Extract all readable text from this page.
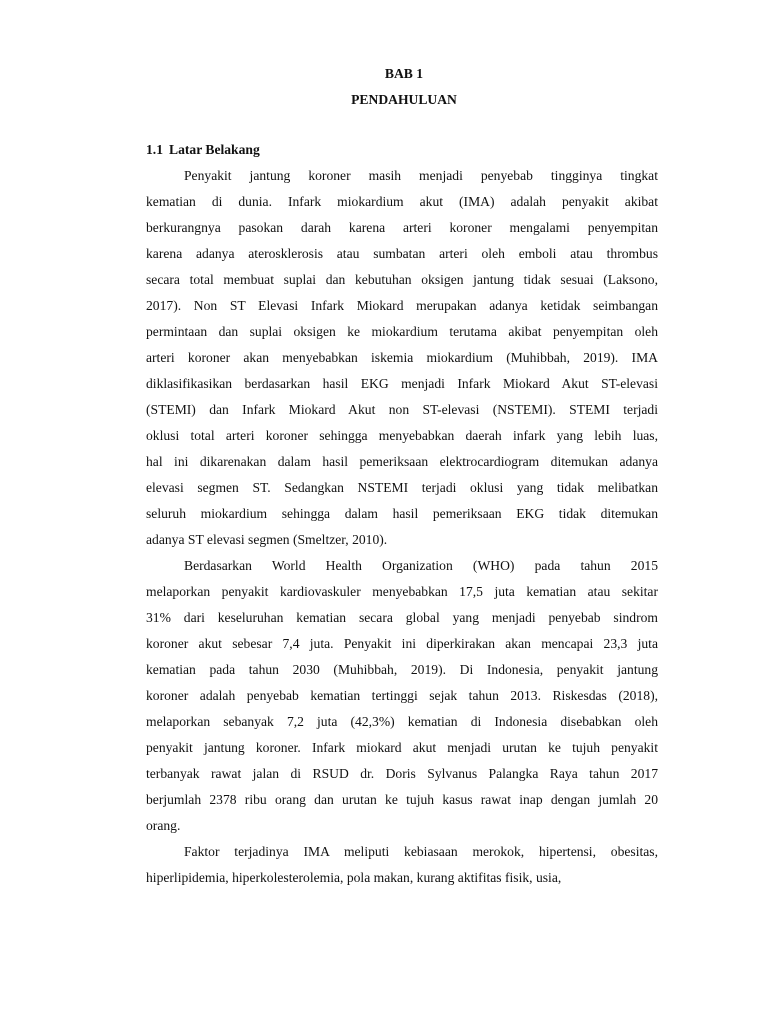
BAB 1

PENDAHULUAN

1.1 Latar Belakang

Penyakit jantung koroner masih menjadi penyebab tingginya tingkat

kematian di dunia. Infark miokardium akut (IMA) adalah penyakit akibat

berkurangnya pasokan darah karena arteri koroner mengalami penyempitan

karena adanya aterosklerosis atau sumbatan arteri oleh emboli atau thrombus

secara total membuat suplai dan kebutuhan oksigen jantung tidak sesuai (Laksono,

2017). Non ST Elevasi Infark Miokard merupakan adanya ketidak seimbangan

permintaan dan suplai oksigen ke miokardium terutama akibat penyempitan oleh

arteri koroner akan menyebabkan iskemia miokardium (Muhibbah, 2019). IMA

diklasifikasikan berdasarkan hasil EKG menjadi Infark Miokard Akut ST-elevasi

(STEMI) dan Infark Miokard Akut non ST-elevasi (NSTEMI). STEMI terjadi

oklusi total arteri koroner sehingga menyebabkan daerah infark yang lebih luas,

hal ini dikarenakan dalam hasil pemeriksaan elektrocardiogram ditemukan adanya

elevasi segmen ST. Sedangkan NSTEMI terjadi oklusi yang tidak melibatkan

seluruh miokardium sehingga dalam hasil pemeriksaan EKG tidak ditemukan

adanya ST elevasi segmen (Smeltzer, 2010).

Berdasarkan World Health Organization (WHO) pada tahun 2015

melaporkan penyakit kardiovaskuler menyebabkan 17,5 juta kematian atau sekitar

31% dari keseluruhan kematian secara global yang menjadi penyebab sindrom

koroner akut sebesar 7,4 juta. Penyakit ini diperkirakan akan mencapai 23,3 juta

kematian pada tahun 2030 (Muhibbah, 2019). Di Indonesia, penyakit jantung

koroner adalah penyebab kematian tertinggi sejak tahun 2013. Riskesdas (2018),

melaporkan sebanyak 7,2 juta (42,3%) kematian di Indonesia disebabkan oleh

penyakit jantung koroner. Infark miokard akut menjadi urutan ke tujuh penyakit

terbanyak rawat jalan di RSUD dr. Doris Sylvanus Palangka Raya tahun 2017

berjumlah 2378 ribu orang dan urutan ke tujuh kasus rawat inap dengan jumlah 20

orang.

Faktor terjadinya IMA meliputi kebiasaan merokok, hipertensi, obesitas,

hiperlipidemia, hiperkolesterolemia, pola makan, kurang aktifitas fisik, usia,
